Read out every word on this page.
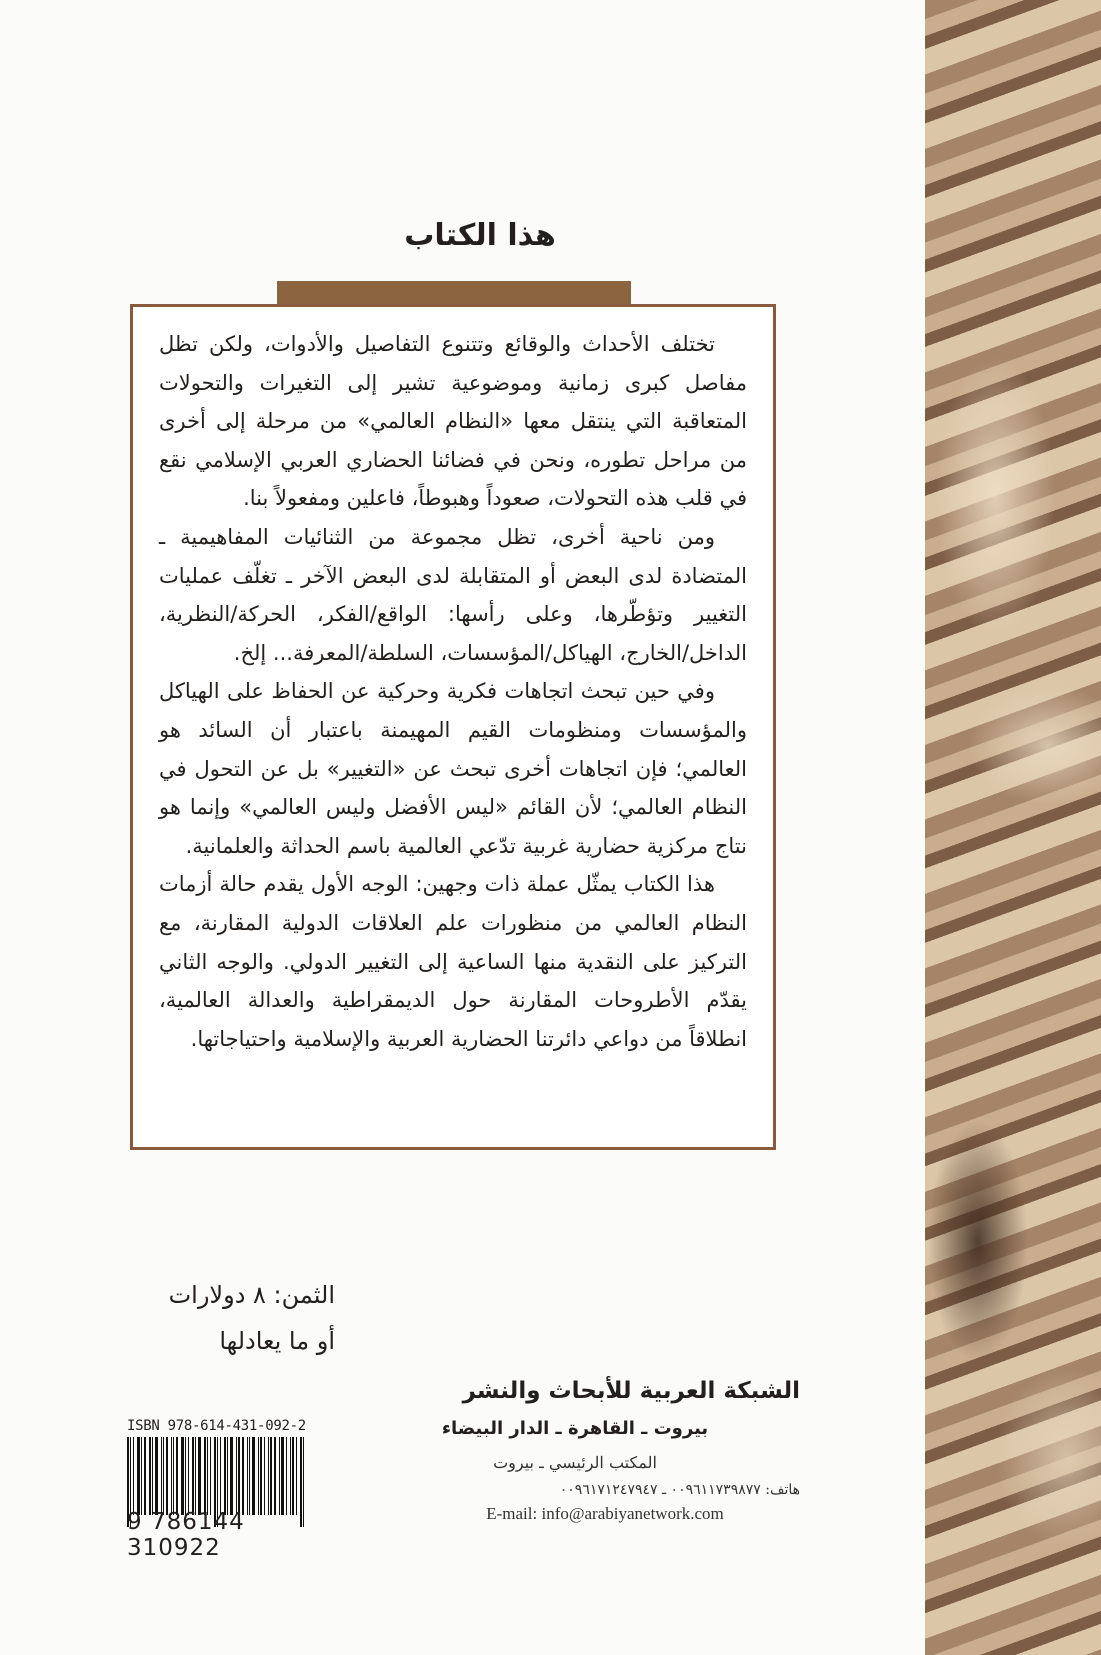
هذا الكتاب

تختلف الأحداث والوقائع وتتنوع التفاصيل والأدوات، ولكن تظل مفاصل كبرى زمانية وموضوعية تشير إلى التغيرات والتحولات المتعاقبة التي ينتقل معها «النظام العالمي» من مرحلة إلى أخرى من مراحل تطوره، ونحن في فضائنا الحضاري العربي الإسلامي نقع في قلب هذه التحولات، صعوداً وهبوطاً، فاعلين ومفعولاً بنا.

ومن ناحية أخرى، تظل مجموعة من الثنائيات المفاهيمية ـ المتضادة لدى البعض أو المتقابلة لدى البعض الآخر ـ تغلّف عمليات التغيير وتؤطّرها، وعلى رأسها: الواقع/الفكر، الحركة/النظرية، الداخل/الخارج، الهياكل/المؤسسات، السلطة/المعرفة... إلخ.

وفي حين تبحث اتجاهات فكرية وحركية عن الحفاظ على الهياكل والمؤسسات ومنظومات القيم المهيمنة باعتبار أن السائد هو العالمي؛ فإن اتجاهات أخرى تبحث عن «التغيير» بل عن التحول في النظام العالمي؛ لأن القائم «ليس الأفضل وليس العالمي» وإنما هو نتاج مركزية حضارية غربية تدّعي العالمية باسم الحداثة والعلمانية.

هذا الكتاب يمثّل عملة ذات وجهين: الوجه الأول يقدم حالة أزمات النظام العالمي من منظورات علم العلاقات الدولية المقارنة، مع التركيز على النقدية منها الساعية إلى التغيير الدولي. والوجه الثاني يقدّم الأطروحات المقارنة حول الديمقراطية والعدالة العالمية، انطلاقاً من دواعي دائرتنا الحضارية العربية والإسلامية واحتياجاتها.

الثمن: ٨ دولارات
أو ما يعادلها
الشبكة العربية للأبحاث والنشر
بيروت ـ القاهرة ـ الدار البيضاء
المكتب الرئيسي ـ بيروت
هاتف: ٠٠٩٦١١٧٣٩٨٧٧ ـ ٠٠٩٦١٧١٢٤٧٩٤٧
E-mail: info@arabiyanetwork.com
ISBN 978-614-431-092-2
9 786144 310922
